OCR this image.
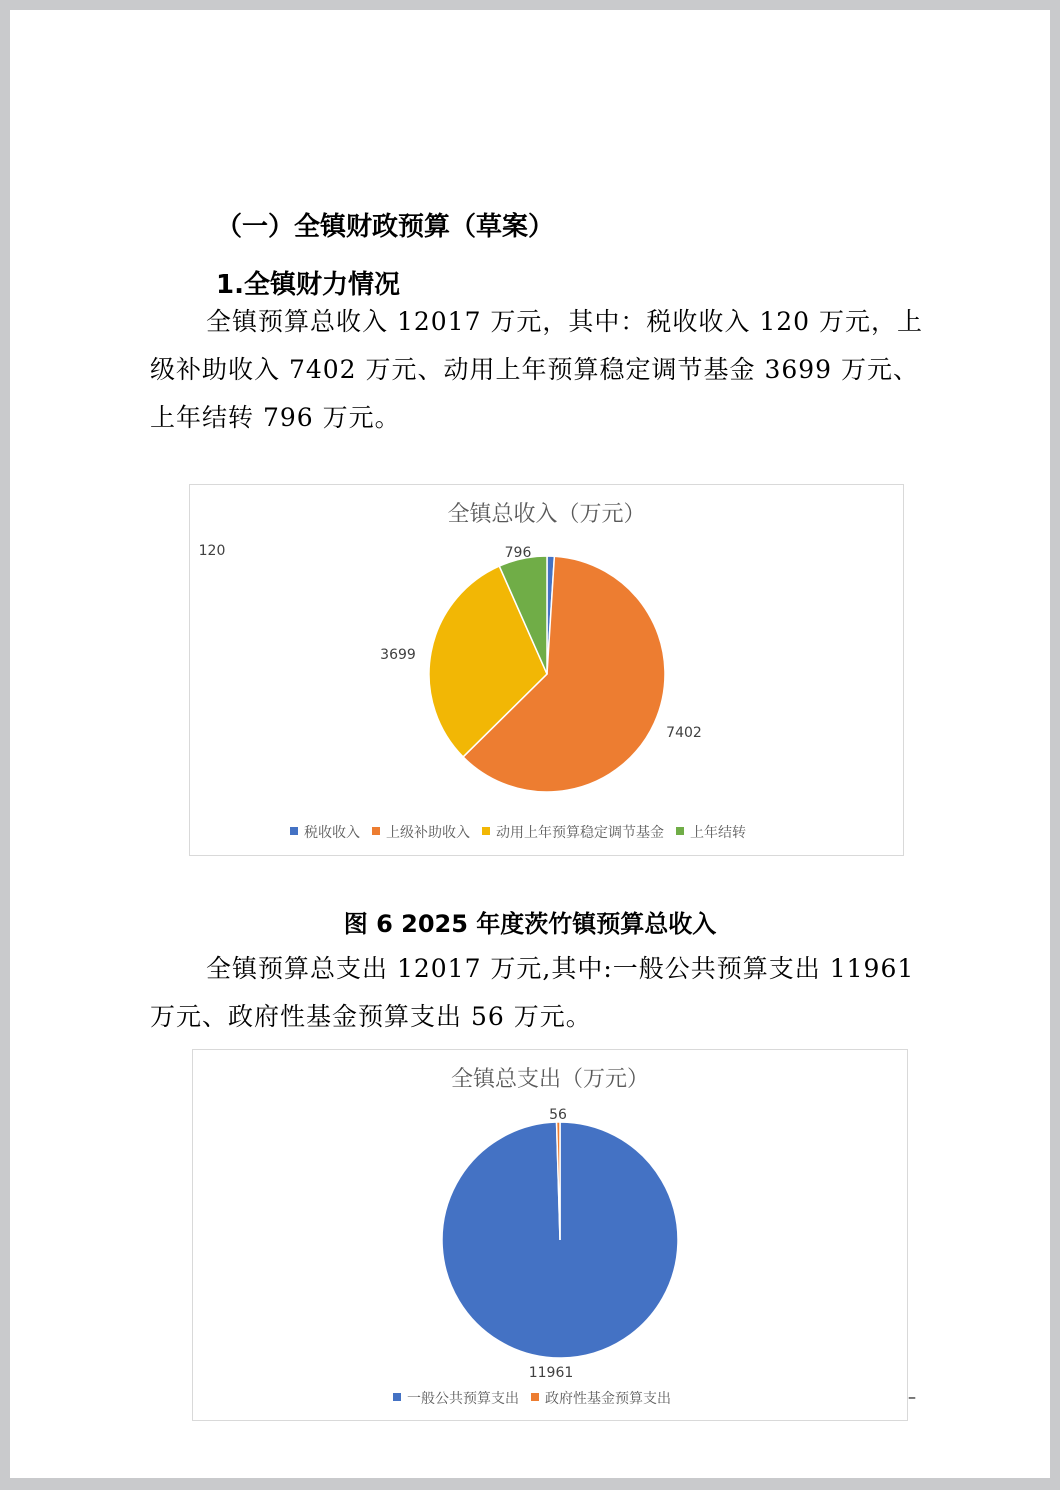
（一）全镇财政预算（草案）
1.全镇财力情况
全镇预算总收入 12017 万元，其中：税收收入 120 万元，上
级补助收入 7402 万元、动用上年预算稳定调节基金 3699 万元、
上年结转 796 万元。
全镇总收入（万元）
120
7402
3699
796
税收收入 上级补助收入 动用上年预算稳定调节基金 上年结转
图 6 2025 年度茨竹镇预算总收入
全镇预算总支出 12017 万元,其中:一般公共预算支出 11961
万元、政府性基金预算支出 56 万元。
全镇总支出（万元）
11961
56
一般公共预算支出 政府性基金预算支出	–
